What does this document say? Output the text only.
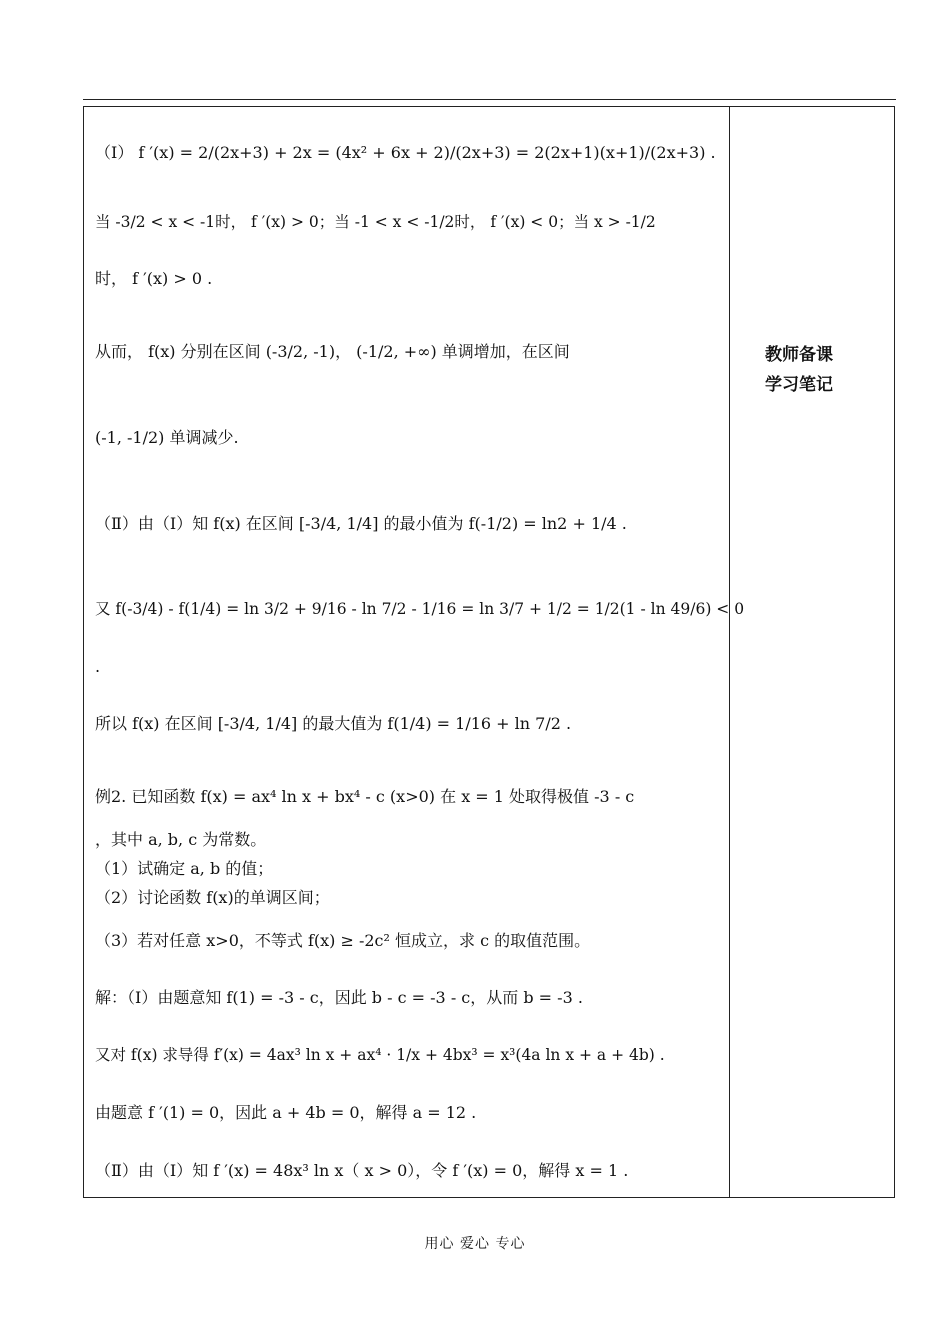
教师备课
学习笔记
（Ⅰ） f ′(x) = 2/(2x+3) + 2x = (4x² + 6x + 2)/(2x+3) = 2(2x+1)(x+1)/(2x+3) .
当 -3/2 < x < -1时， f ′(x) > 0；当 -1 < x < -1/2时， f ′(x) < 0；当 x > -1/2
时， f ′(x) > 0 .
从而， f(x) 分别在区间 (-3/2, -1)， (-1/2, +∞) 单调增加，在区间
(-1, -1/2) 单调减少.
（Ⅱ）由（Ⅰ）知 f(x) 在区间 [-3/4, 1/4] 的最小值为 f(-1/2) = ln2 + 1/4 .
又 f(-3/4) - f(1/4) = ln 3/2 + 9/16 - ln 7/2 - 1/16 = ln 3/7 + 1/2 = 1/2(1 - ln 49/6) < 0
.
所以 f(x) 在区间 [-3/4, 1/4] 的最大值为 f(1/4) = 1/16 + ln 7/2 .
例2. 已知函数 f(x) = ax⁴ ln x + bx⁴ - c (x>0) 在 x = 1 处取得极值 -3 - c
，其中 a, b, c 为常数。
（1）试确定 a, b 的值；
（2）讨论函数 f(x)的单调区间；
（3）若对任意 x>0，不等式 f(x) ≥ -2c² 恒成立，求 c 的取值范围。
解：（Ⅰ）由题意知 f(1) = -3 - c，因此 b - c = -3 - c，从而 b = -3 .
又对 f(x) 求导得 f′(x) = 4ax³ ln x + ax⁴ · 1/x + 4bx³ = x³(4a ln x + a + 4b) .
由题意 f ′(1) = 0，因此 a + 4b = 0，解得 a = 12 .
（Ⅱ）由（Ⅰ）知 f ′(x) = 48x³ ln x（ x > 0），令 f ′(x) = 0，解得 x = 1 .
用心 爱心 专心
